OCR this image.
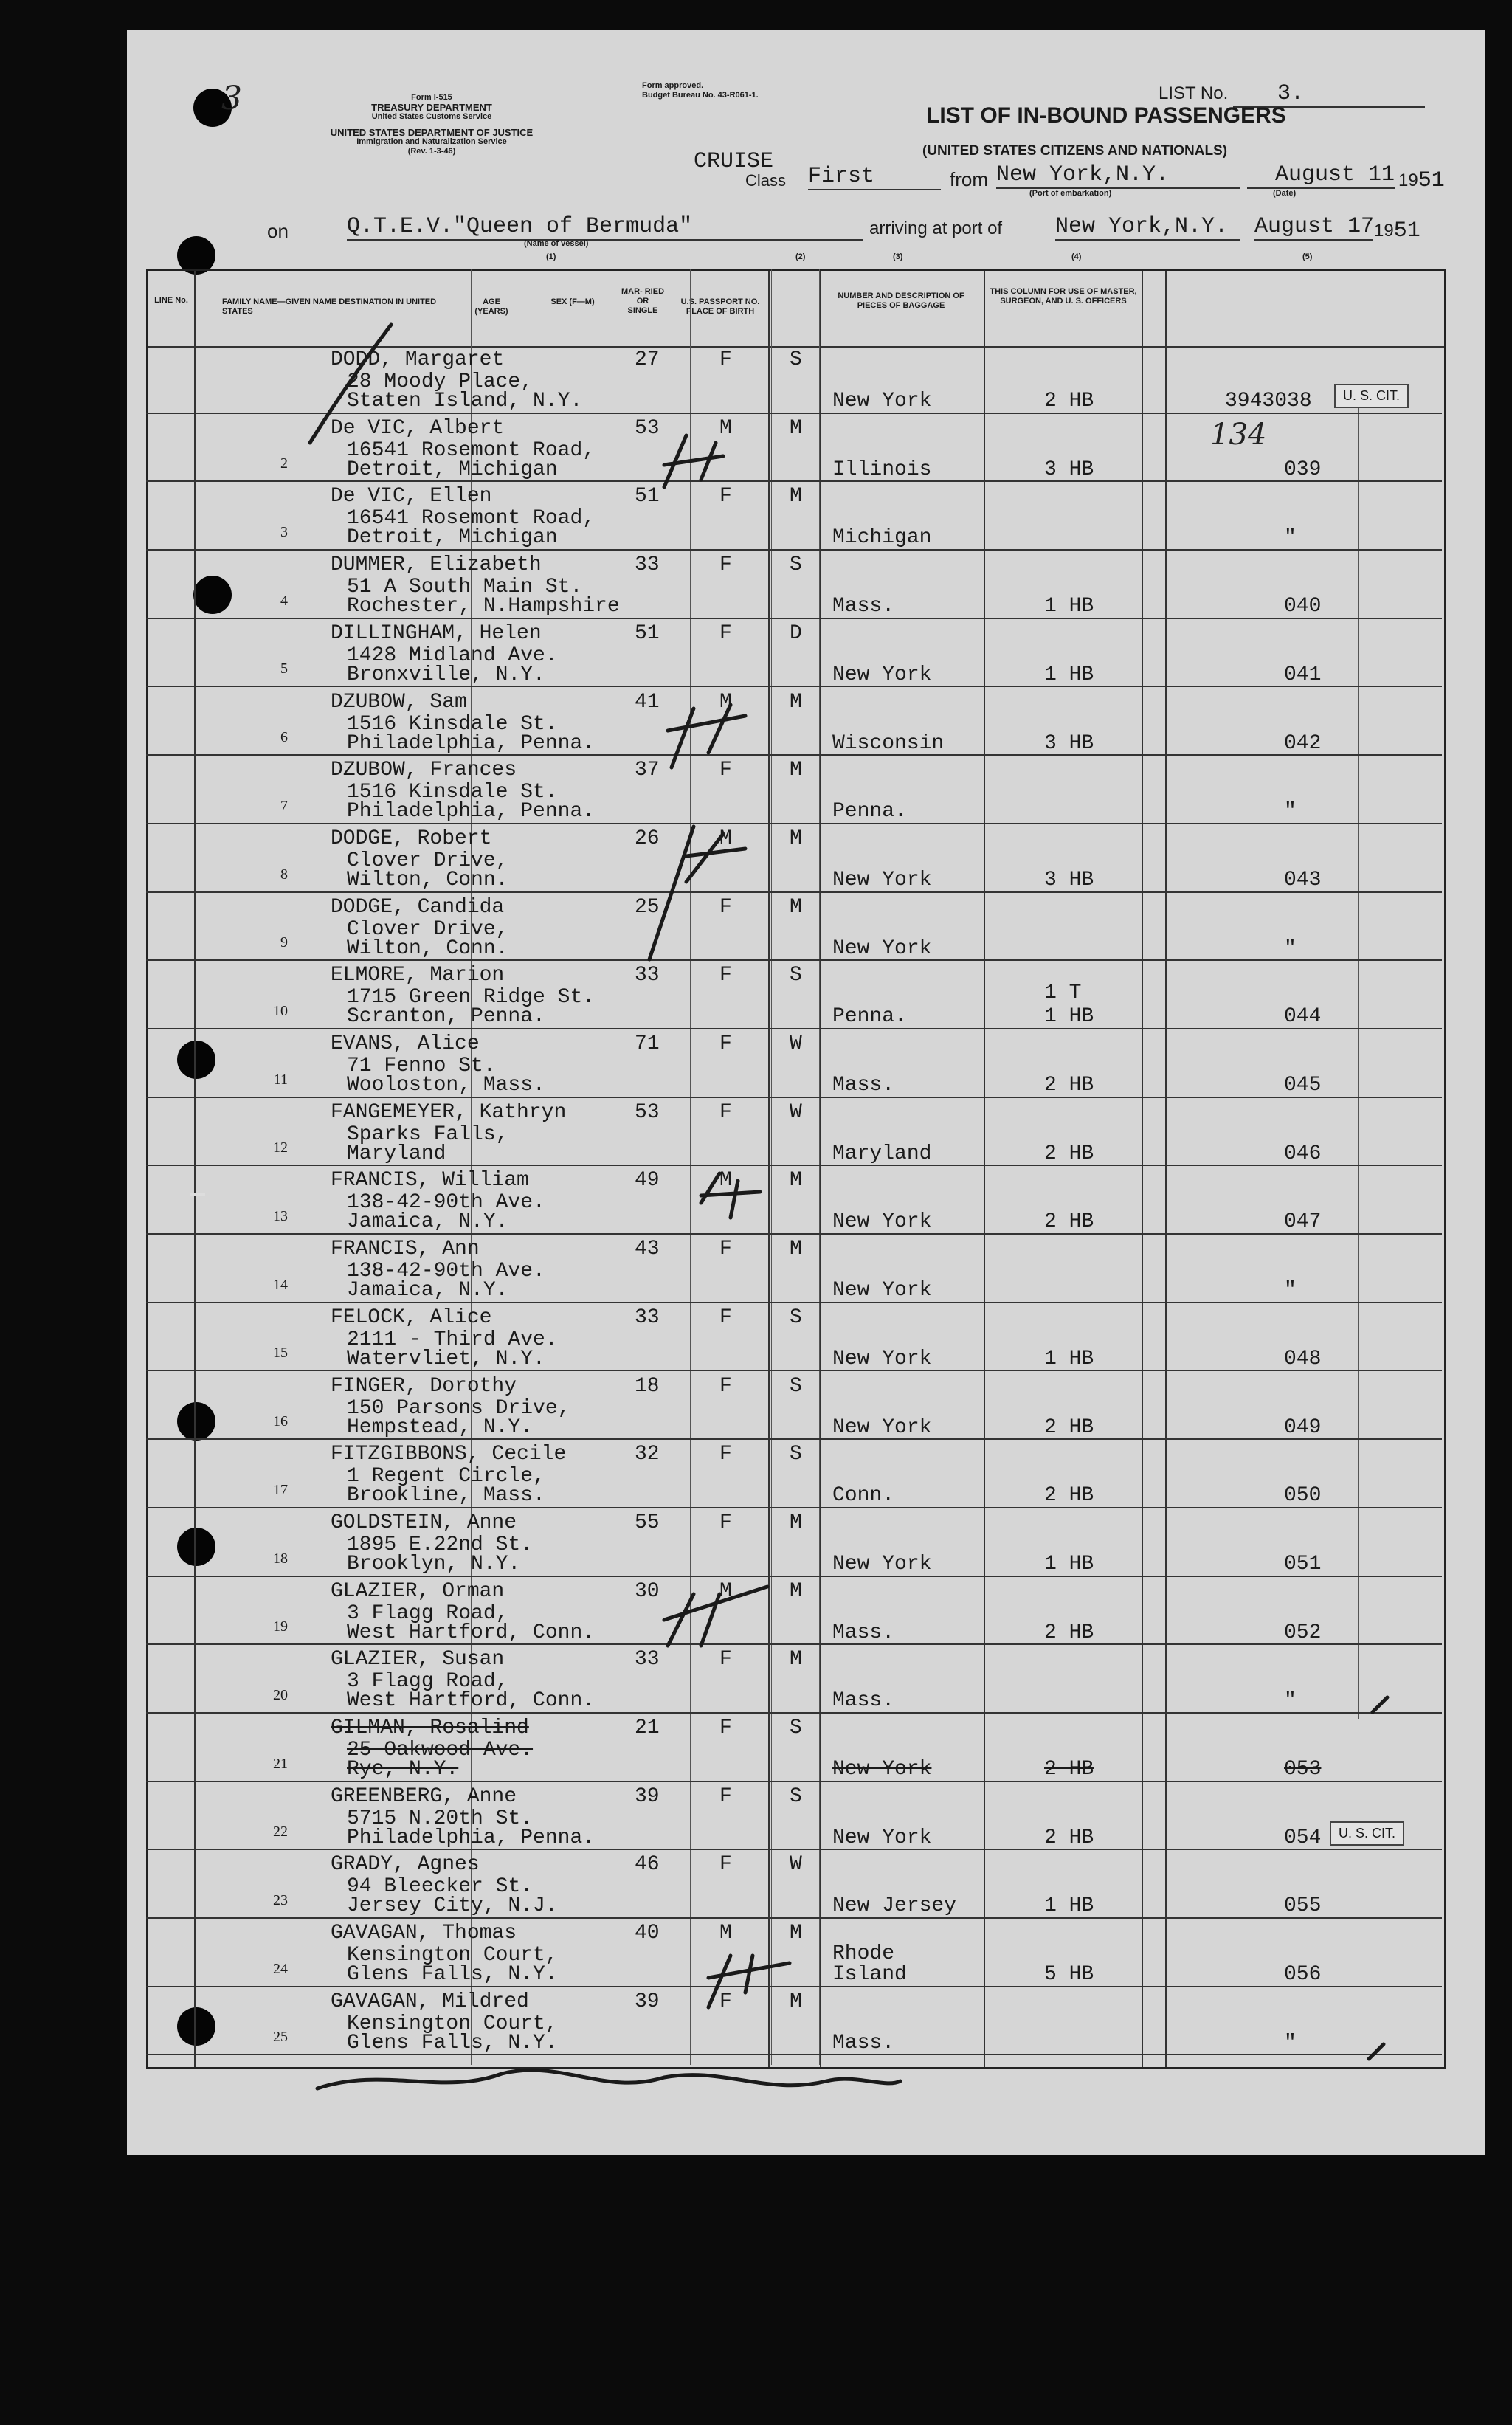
Form I-515
TREASURY DEPARTMENT
United States Customs Service
UNITED STATES DEPARTMENT OF JUSTICE
Immigration and Naturalization Service
(Rev. 1-3-46)
Form approved.
Budget Bureau No. 43-R061-1.	LIST No. 3.
LIST OF IN-BOUND PASSENGERS
(UNITED STATES CITIZENS AND NATIONALS)
CRUISE
Class First	from New York,N.Y.
(Port of embarkation)
August 11 1951
(Date)
on	Q.T.E.V."Queen of Bermuda"
(Name of vessel)
arriving at port of New York,N.Y.	August 17 1951
(1)	(2)	(3)	(4)	(5)
LINE No.	FAMILY NAME—GIVEN NAME DESTINATION IN UNITED STATES
AGE (YEARS)
SEX (F—M)
MAR- RIED OR SINGLE
U.S. PASSPORT NO. PLACE OF BIRTH
NUMBER AND DESCRIPTION OF PIECES OF BAGGAGE
THIS COLUMN FOR USE OF MASTER, SURGEON, AND U. S. OFFICERS
DODD, Margaret
28 Moody Place,
Staten Island, N.Y.
27	F	S
New York	2 HB	3943038
2
De VIC, Albert
16541 Rosemont Road,
Detroit, Michigan
53	M	M
Illinois	3 HB	039
3
De VIC, Ellen
16541 Rosemont Road,
Detroit, Michigan
51	F	M
Michigan	"
4
DUMMER, Elizabeth
51 A South Main St.
Rochester, N.Hampshire
33	F	S
Mass.	1 HB	040
5
DILLINGHAM, Helen
1428 Midland Ave.
Bronxville, N.Y.
51	F	D
New York	1 HB	041
6
DZUBOW, Sam
1516 Kinsdale St.
Philadelphia, Penna.
41	M	M
Wisconsin	3 HB	042
7
DZUBOW, Frances
1516 Kinsdale St.
Philadelphia, Penna.
37	F	M
Penna.	"
8
DODGE, Robert
Clover Drive,
Wilton, Conn.
26	M	M
New York	3 HB	043
9
DODGE, Candida
Clover Drive,
Wilton, Conn.
25	F	M
New York	"
10
ELMORE, Marion
1715 Green Ridge St.
Scranton, Penna.
33	F	S
Penna.
1 T
1 HB	044
11
EVANS, Alice
71 Fenno St.
Wooloston, Mass.
71	F	W
Mass.	2 HB	045
12
FANGEMEYER, Kathryn
Sparks Falls,
Maryland
53	F	W
Maryland	2 HB	046
13
FRANCIS, William
138-42-90th Ave.
Jamaica, N.Y.
49	M	M
New York	2 HB	047
14
FRANCIS, Ann
138-42-90th Ave.
Jamaica, N.Y.
43	F	M
New York	"
15
FELOCK, Alice
2111 - Third Ave.
Watervliet, N.Y.
33	F	S
New York	1 HB	048
16
FINGER, Dorothy
150 Parsons Drive,
Hempstead, N.Y.
18	F	S
New York	2 HB	049
17
FITZGIBBONS, Cecile
1 Regent Circle,
Brookline, Mass.
32	F	S
Conn.	2 HB	050
18
GOLDSTEIN, Anne
1895 E.22nd St.
Brooklyn, N.Y.
55	F	M
New York	1 HB	051
19
GLAZIER, Orman
3 Flagg Road,
West Hartford, Conn.
30	M	M
Mass.	2 HB	052
20
GLAZIER, Susan
3 Flagg Road,
West Hartford, Conn.
33	F	M
Mass.	"
21
GILMAN, Rosalind
25 Oakwood Ave.
Rye, N.Y.
21	F	S
New York	2 HB	053
22
GREENBERG, Anne
5715 N.20th St.
Philadelphia, Penna.
39	F	S
New York	2 HB	054
23
GRADY, Agnes
94 Bleecker St.
Jersey City, N.J.
46	F	W
New Jersey	1 HB	055
24
GAVAGAN, Thomas
Kensington Court,
Glens Falls, N.Y.
40	M	M
Rhode
Island	5 HB	056
25
GAVAGAN, Mildred
Kensington Court,
Glens Falls, N.Y.
39	F	M
Mass.	"
U. S. CIT.
U. S. CIT.
134
3
